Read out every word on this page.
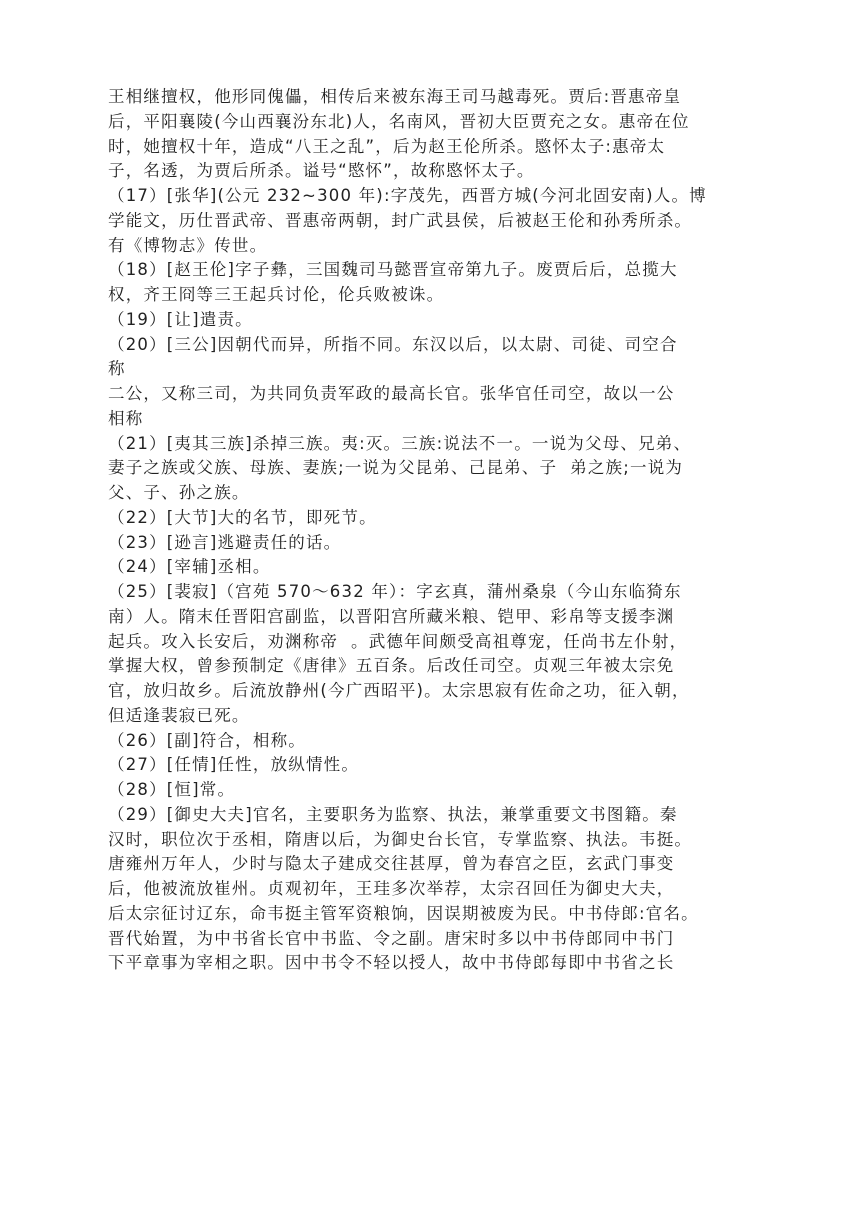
王相继擅权，他形同傀儡，相传后来被东海王司马越毒死。贾后:晋惠帝皇
后，平阳襄陵(今山西襄汾东北)人，名南风，晋初大臣贾充之女。惠帝在位
时，她擅权十年，造成“八王之乱”，后为赵王伦所杀。愍怀太子:惠帝太
子，名透，为贾后所杀。谥号“愍怀”，故称愍怀太子。
（17）[张华](公元 232~300 年):字茂先，西晋方城(今河北固安南)人。博
学能文，历仕晋武帝、晋惠帝两朝，封广武县侯，后被赵王伦和孙秀所杀。
有《博物志》传世。
（18）[赵王伦]字子彝，三国魏司马懿晋宣帝第九子。废贾后后，总揽大
权，齐王冏等三王起兵讨伦，伦兵败被诛。
（19）[让]遣责。
（20）[三公]因朝代而异，所指不同。东汉以后，以太尉、司徒、司空合
称
二公，又称三司，为共同负责军政的最高长官。张华官任司空，故以一公
相称
（21）[夷其三族]杀掉三族。夷:灭。三族:说法不一。一说为父母、兄弟、
妻子之族或父族、母族、妻族;一说为父昆弟、己昆弟、子  弟之族;一说为
父、子、孙之族。
（22）[大节]大的名节，即死节。
（23）[逊言]逃避责任的话。
（24）[宰辅]丞相。
（25）[裴寂]（宫苑 570～632 年）：字玄真，蒲州桑泉（今山东临猗东
南）人。隋末任晋阳宫副监，以晋阳宫所藏米粮、铠甲、彩帛等支援李渊
起兵。攻入长安后，劝渊称帝  。武德年间颇受高祖尊宠，任尚书左仆射，
掌握大权，曾参预制定《唐律》五百条。后改任司空。贞观三年被太宗免
官，放归故乡。后流放静州(今广西昭平)。太宗思寂有佐命之功，征入朝，
但适逢裴寂已死。
（26）[副]符合，相称。
（27）[任情]任性，放纵情性。
（28）[恒]常。
（29）[御史大夫]官名，主要职务为监察、执法，兼掌重要文书图籍。秦
汉时，职位次于丞相，隋唐以后，为御史台长官，专掌监察、执法。韦挺。
唐雍州万年人，少时与隐太子建成交往甚厚，曾为春宫之臣，玄武门事变
后，他被流放崔州。贞观初年，王珪多次举荐，太宗召回任为御史大夫，
后太宗征讨辽东，命韦挺主管军资粮饷，因误期被废为民。中书侍郎:官名。
晋代始置，为中书省长官中书监、令之副。唐宋时多以中书侍郎同中书门
下平章事为宰相之职。因中书令不轻以授人，故中书侍郎每即中书省之长
